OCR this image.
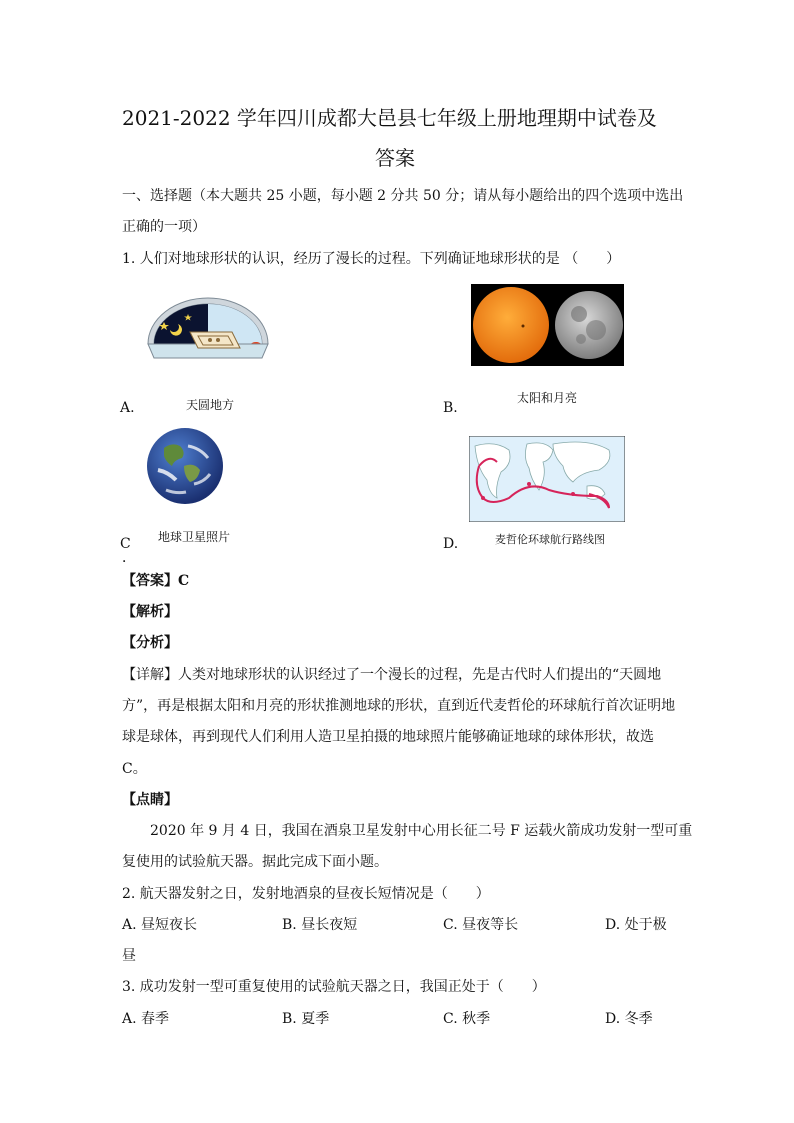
2021-2022 学年四川成都大邑县七年级上册地理期中试卷及
答案
一、选择题（本大题共 25 小题，每小题 2 分共 50 分；请从每小题给出的四个选项中选出
正确的一项）
1. 人们对地球形状的认识，经历了漫长的过程。下列确证地球形状的是 （　　）
A.	天圆地方	B.
太阳和月亮
C 地球卫星照片
．
D.	麦哲伦环球航行路线图
【答案】C
【解析】
【分析】
【详解】人类对地球形状的认识经过了一个漫长的过程，先是古代时人们提出的“天圆地
方”，再是根据太阳和月亮的形状推测地球的形状，直到近代麦哲伦的环球航行首次证明地
球是球体，再到现代人们利用人造卫星拍摄的地球照片能够确证地球的球体形状，故选
C。
【点睛】
2020 年 9 月 4 日，我国在酒泉卫星发射中心用长征二号 F 运载火箭成功发射一型可重
复使用的试验航天器。据此完成下面小题。
2. 航天器发射之日，发射地酒泉的昼夜长短情况是（　　）
A. 昼短夜长	B. 昼长夜短	C. 昼夜等长	D. 处于极
昼
3. 成功发射一型可重复使用的试验航天器之日，我国正处于（　　）
A. 春季	B. 夏季	C. 秋季	D. 冬季
